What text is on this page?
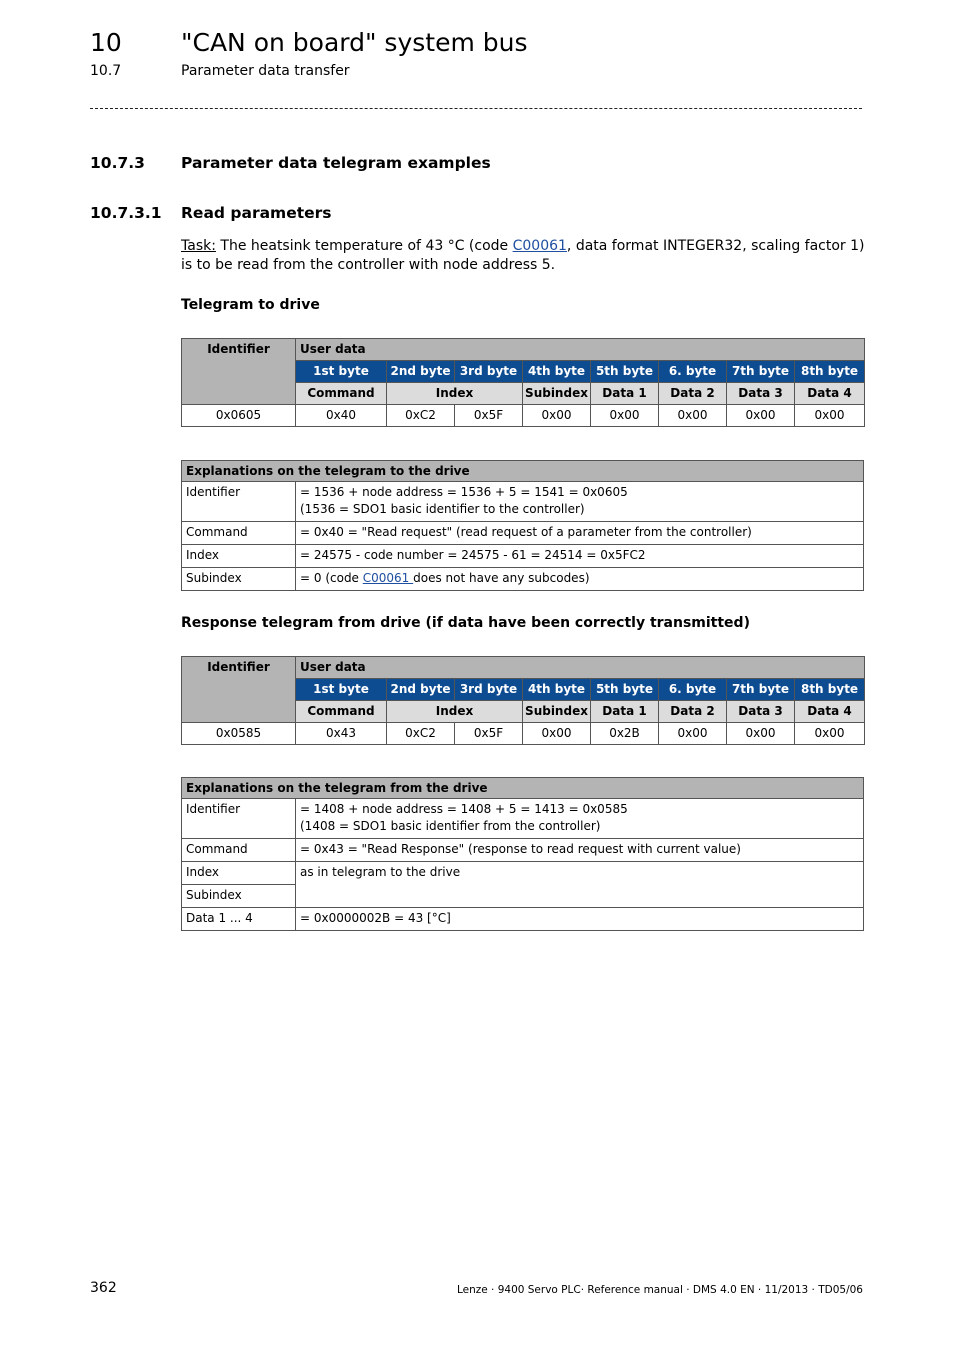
10 "CAN on board" system bus
10.7	Parameter data transfer
10.7.3 Parameter data telegram examples
10.7.3.1 Read parameters
Task: The heatsink temperature of 43 °C (code C00061, data format INTEGER32, scaling factor 1) is to be read from the controller with node address 5.
Telegram to drive
Identifier	User data							
	1st byte	2nd byte	3rd byte	4th byte	5th byte	6. byte	7th byte	8th byte
	Command	Index		Subindex	Data 1	Data 2	Data 3	Data 4
0x0605	0x40	0xC2	0x5F	0x00	0x00	0x00	0x00	0x00
Explanations on the telegram to the drive	
Identifier	= 1536 + node address = 1536 + 5 = 1541 = 0x0605
(1536 = SDO1 basic identifier to the controller)
Command	= 0x40 = "Read request" (read request of a parameter from the controller)
Index	= 24575 - code number = 24575 - 61 = 24514 = 0x5FC2
Subindex	= 0 (code C00061 does not have any subcodes)
Response telegram from drive (if data have been correctly transmitted)
Identifier	User data							
	1st byte	2nd byte	3rd byte	4th byte	5th byte	6. byte	7th byte	8th byte
	Command	Index		Subindex	Data 1	Data 2	Data 3	Data 4
0x0585	0x43	0xC2	0x5F	0x00	0x2B	0x00	0x00	0x00
Explanations on the telegram from the drive	
Identifier	= 1408 + node address = 1408 + 5 = 1413 = 0x0585
(1408 = SDO1 basic identifier from the controller)
Command	= 0x43 = "Read Response" (response to read request with current value)
Index	as in telegram to the drive
Subindex	
Data 1 ... 4	= 0x0000002B = 43 [°C]
362	Lenze · 9400 Servo PLC· Reference manual · DMS 4.0 EN · 11/2013 · TD05/06
